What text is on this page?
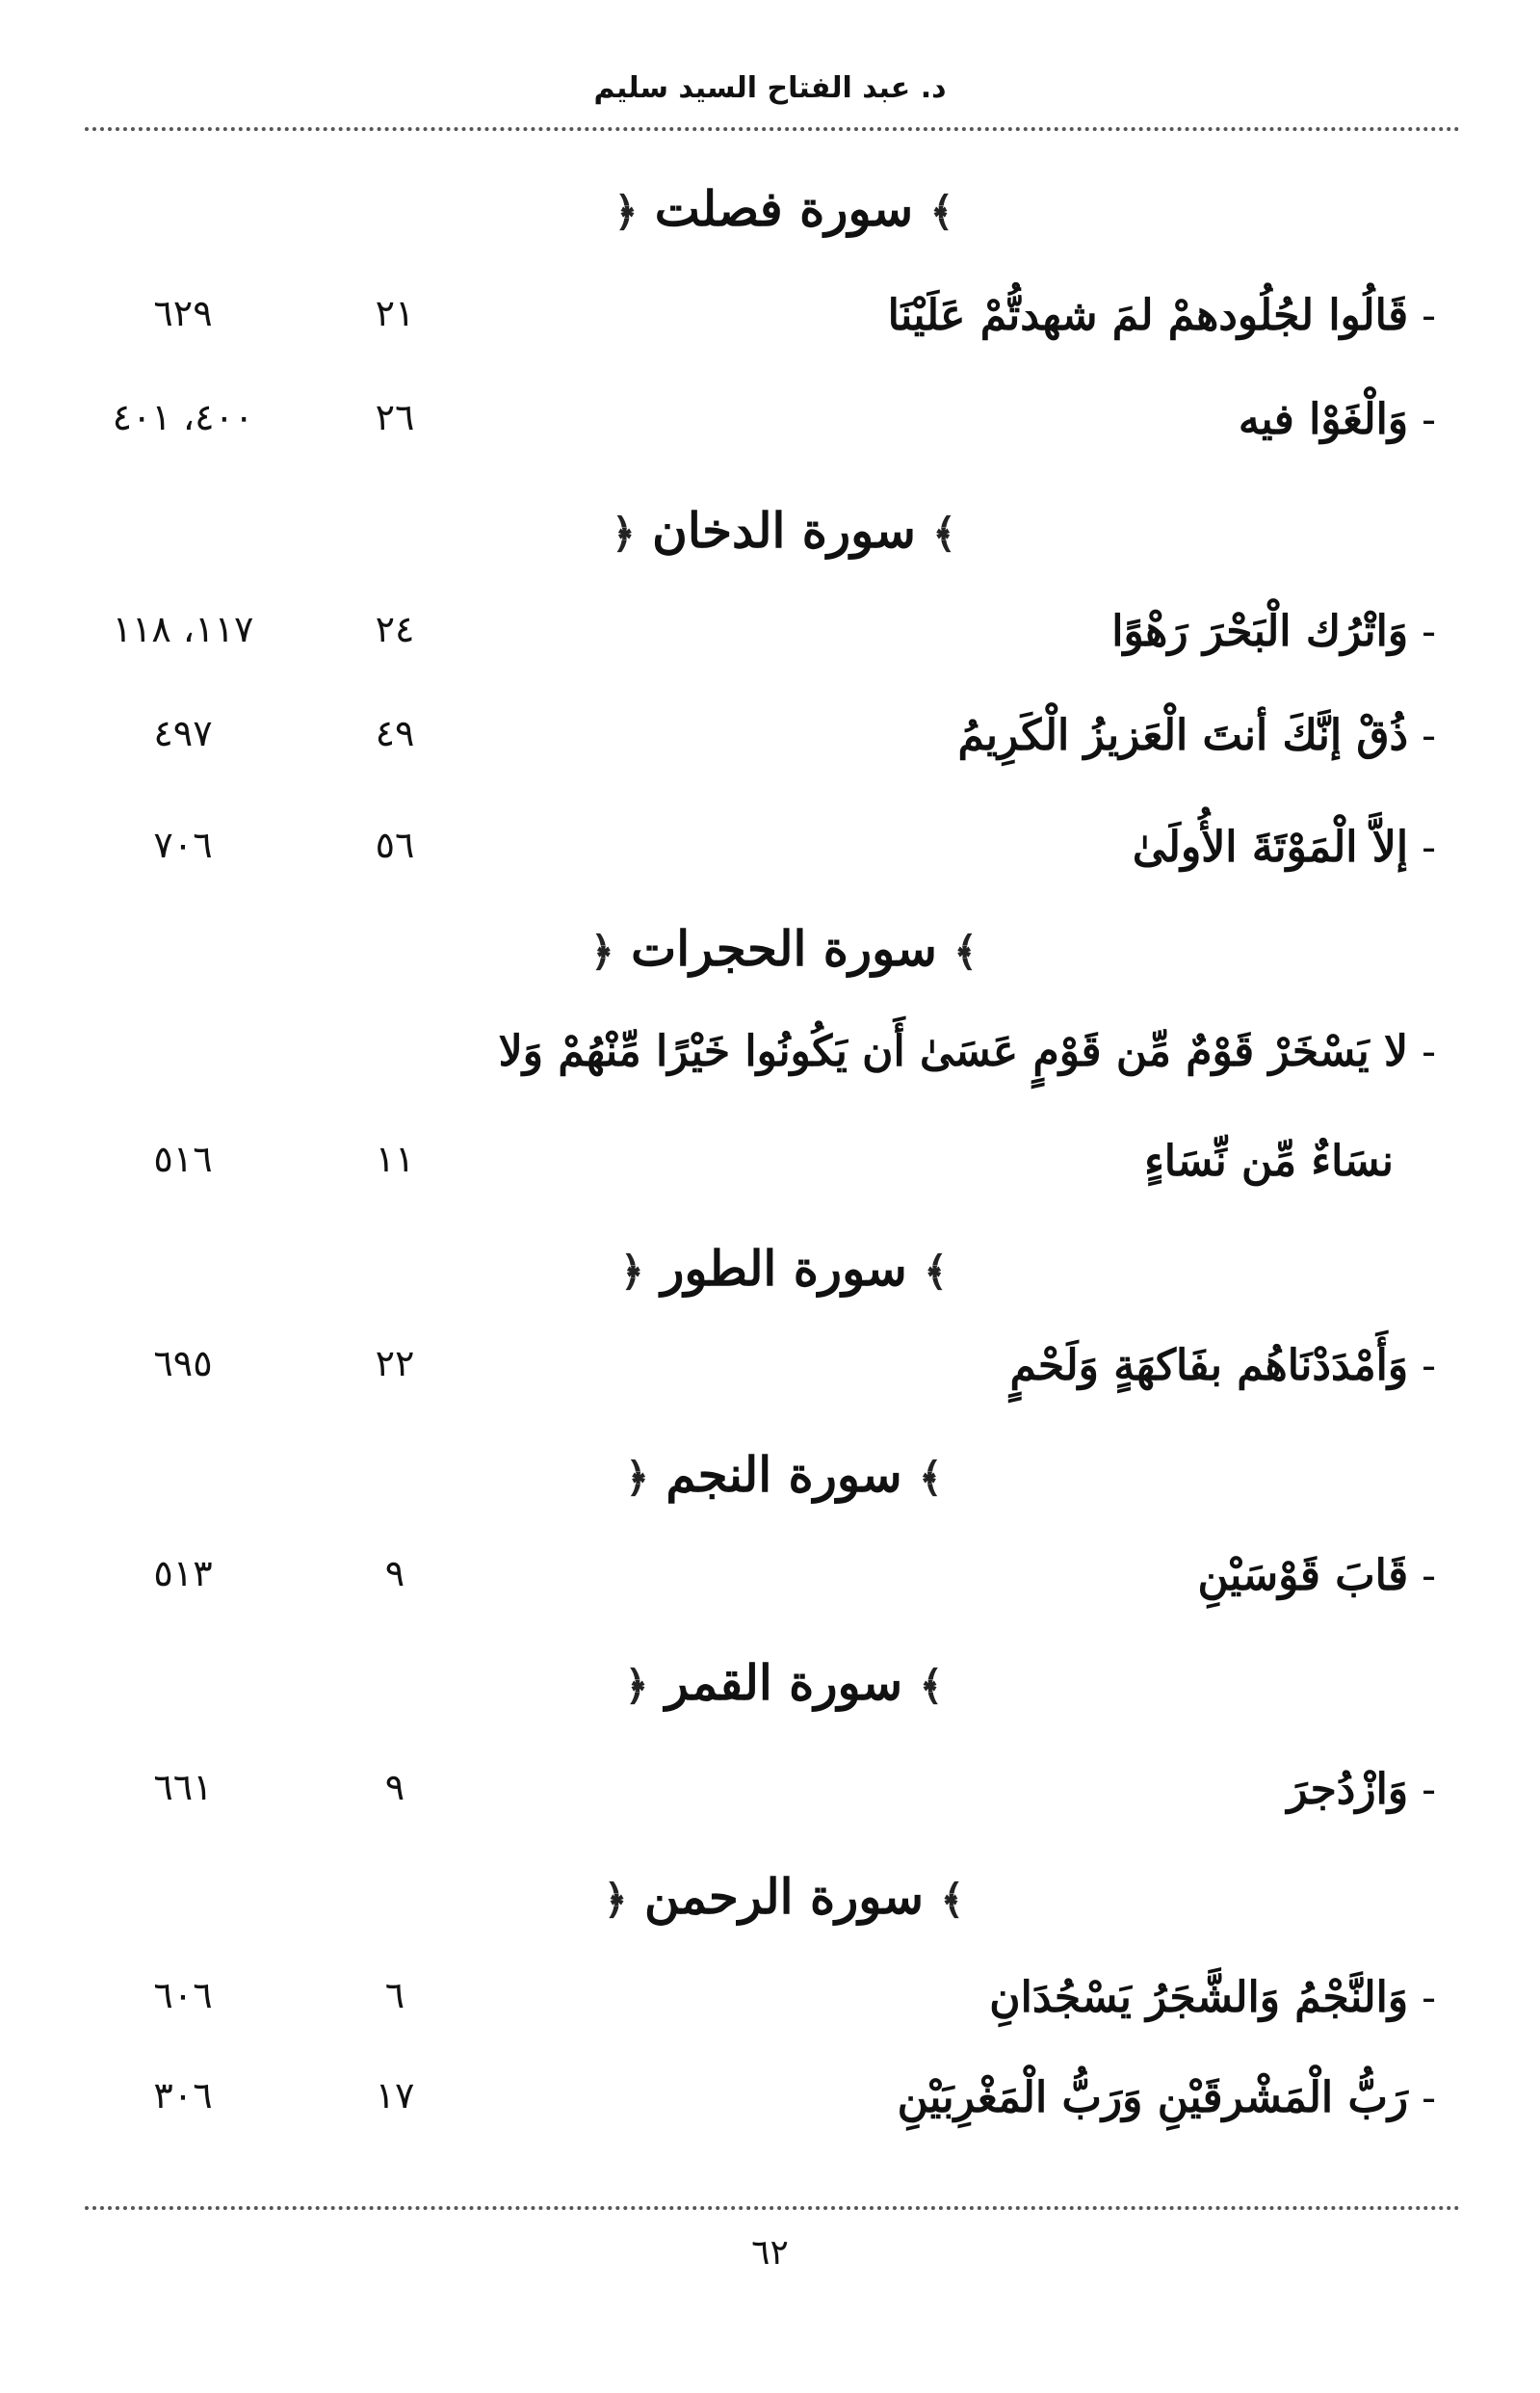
د. عبد الفتاح السيد سليم
﴾ سورة فصلت ﴿
-قَالُوا لجُلُودهمْ لمَ شهدتُّمْ عَلَيْنَا
٢١
٦٢٩
-وَالْغَوْا فيه
٢٦
٤٠٠، ٤٠١
﴾ سورة الدخان ﴿
-وَاتْرُك الْبَحْرَ رَهْوًا
٢٤
١١٧، ١١٨
-ذُقْ إنَّكَ أنتَ الْعَزيزُ الْكَرِيمُ
٤٩
٤٩٧
-إلاَّ الْمَوْتَةَ الأُولَىٰ
٥٦
٧٠٦
﴾ سورة الحجرات ﴿
-لا يَسْخَرْ قَوْمٌ مِّن قَوْمٍ عَسَىٰ أَن يَكُونُوا خَيْرًا مِّنْهُمْ وَلا
نسَاءٌ مِّن نِّسَاءٍ
١١
٥١٦
﴾ سورة الطور ﴿
-وَأَمْدَدْنَاهُم بفَاكهَةٍ وَلَحْمٍ
٢٢
٦٩٥
﴾ سورة النجم ﴿
-قَابَ قَوْسَيْنِ
٩
٥١٣
﴾ سورة القمر ﴿
-وَازْدُجرَ
٩
٦٦١
﴾ سورة الرحمن ﴿
-وَالنَّجْمُ وَالشَّجَرُ يَسْجُدَانِ
٦
٦٠٦
-رَبُّ الْمَشْرقَيْنِ وَرَبُّ الْمَغْرِبَيْنِ
١٧
٣٠٦
٦٢
